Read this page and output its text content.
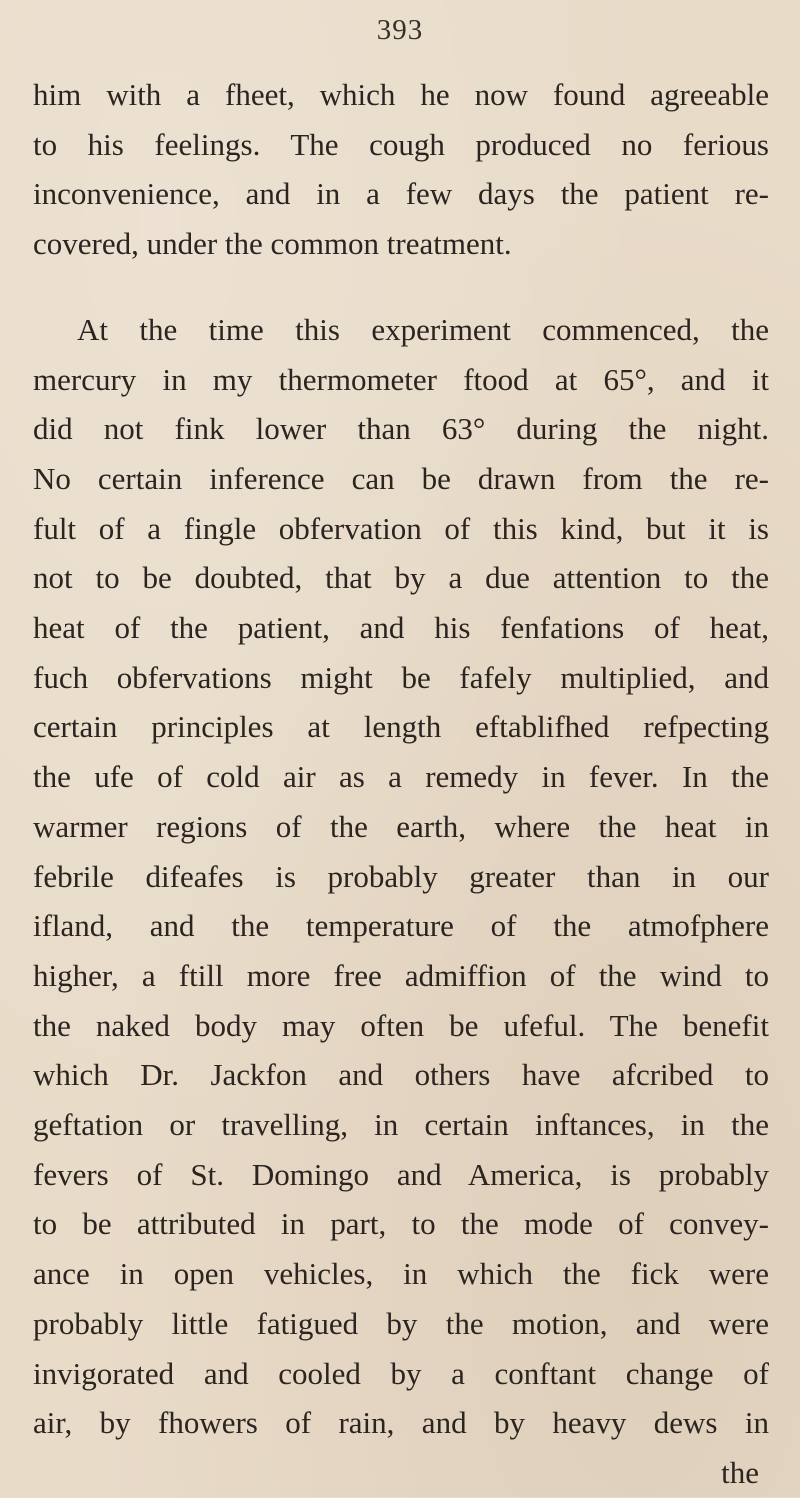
393
him with a fheet, which he now found agreeable
to his feelings. The cough produced no ferious
inconvenience, and in a few days the patient re-
covered, under the common treatment.
At the time this experiment commenced, the
mercury in my thermometer ftood at 65°, and it
did not fink lower than 63° during the night.
No certain inference can be drawn from the re-
fult of a fingle obfervation of this kind, but it is
not to be doubted, that by a due attention to the
heat of the patient, and his fenfations of heat,
fuch obfervations might be fafely multiplied, and
certain principles at length eftablifhed refpecting
the ufe of cold air as a remedy in fever. In the
warmer regions of the earth, where the heat in
febrile difeafes is probably greater than in our
ifland, and the temperature of the atmofphere
higher, a ftill more free admiffion of the wind to
the naked body may often be ufeful. The benefit
which Dr. Jackfon and others have afcribed to
geftation or travelling, in certain inftances, in the
fevers of St. Domingo and America, is probably
to be attributed in part, to the mode of convey-
ance in open vehicles, in which the fick were
probably little fatigued by the motion, and were
invigorated and cooled by a conftant change of
air, by fhowers of rain, and by heavy dews in
the
